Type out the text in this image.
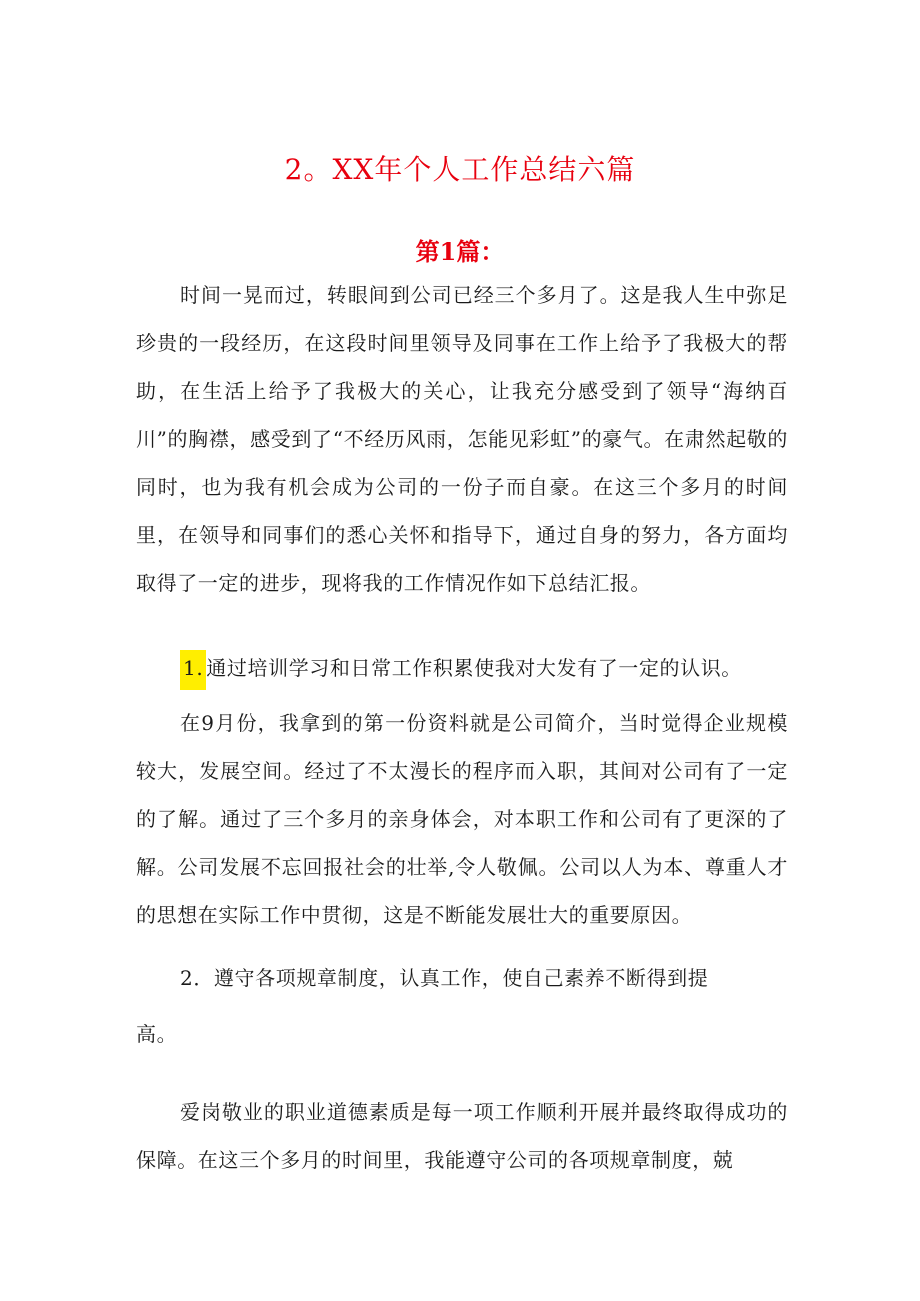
2。XX年个人工作总结六篇
第1篇：

时间一晃而过，转眼间到公司已经三个多月了。这是我人生中弥足珍贵的一段经历，在这段时间里领导及同事在工作上给予了我极大的帮助，在生活上给予了我极大的关心，让我充分感受到了领导“海纳百川”的胸襟，感受到了“不经历风雨，怎能见彩虹”的豪气。在肃然起敬的同时，也为我有机会成为公司的一份子而自豪。在这三个多月的时间里，在领导和同事们的悉心关怀和指导下，通过自身的努力，各方面均取得了一定的进步，现将我的工作情况作如下总结汇报。

1. 通过培训学习和日常工作积累使我对大发有了一定的认识。

在9月份，我拿到的第一份资料就是公司简介，当时觉得企业规模较大，发展空间。经过了不太漫长的程序而入职，其间对公司有了一定的了解。通过了三个多月的亲身体会，对本职工作和公司有了更深的了解。公司发展不忘回报社会的壮举,令人敬佩。公司以人为本、尊重人才的思想在实际工作中贯彻，这是不断能发展壮大的重要原因。

2．遵守各项规章制度，认真工作，使自己素养不断得到提
高。

爱岗敬业的职业道德素质是每一项工作顺利开展并最终取得成功的保障。在这三个多月的时间里，我能遵守公司的各项规章制度，兢
